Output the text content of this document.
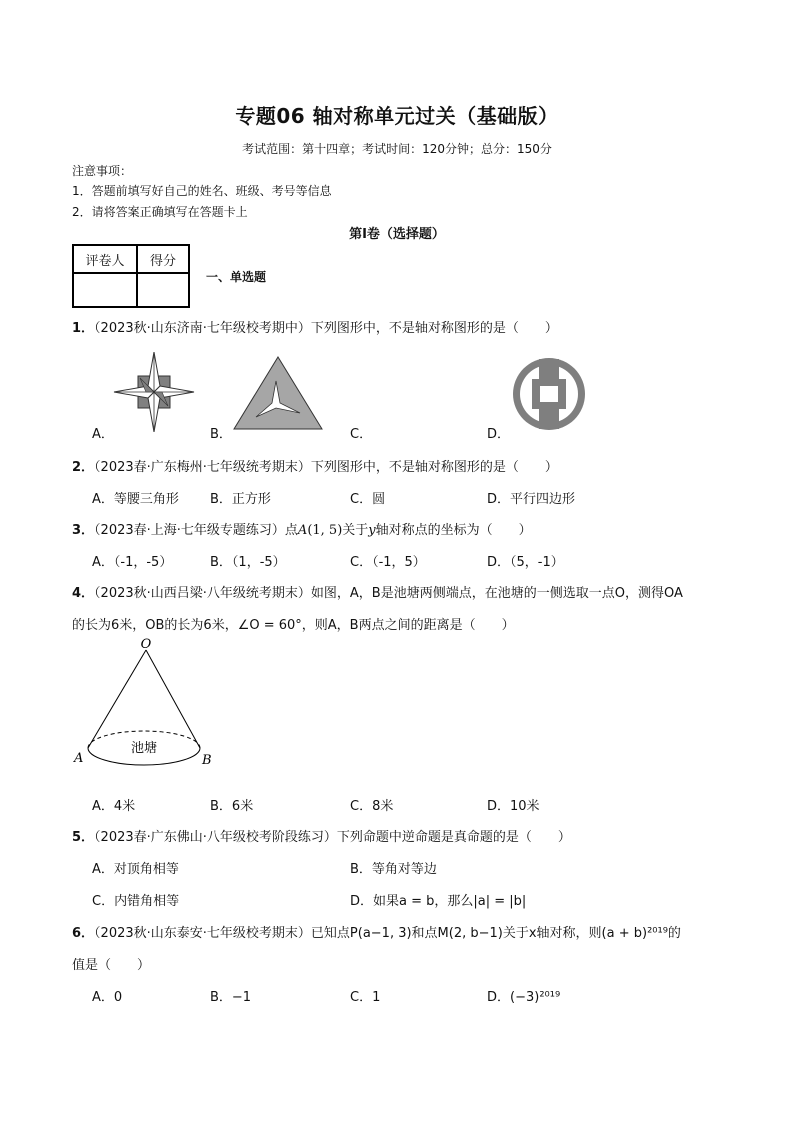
专题06 轴对称单元过关（基础版）
考试范围：第十四章；考试时间：120分钟；总分：150分
注意事项：
1．答题前填写好自己的姓名、班级、考号等信息
2．请将答案正确填写在答题卡上
第I卷（选择题）
评卷人	得分

一、单选题
1．（2023秋·山东济南·七年级校考期中）下列图形中，不是轴对称图形的是（　　）
A．	B．	C．	D．
2．（2023春·广东梅州·七年级统考期末）下列图形中，不是轴对称图形的是（　　）
A．等腰三角形 B．正方形	C．圆	D．平行四边形
3．（2023春·上海·七年级专题练习）点A(1, 5)关于y轴对称点的坐标为（　　）
A．（-1，-5）	B．（1，-5）	C．（-1，5）	D．（5，-1）
4．（2023秋·山西吕梁·八年级统考期末）如图，A，B是池塘两侧端点，在池塘的一侧选取一点O，测得OA
的长为6米，OB的长为6米，∠O = 60°，则A，B两点之间的距离是（　　）
O
A	B
池塘
A．4米	B．6米	C．8米	D．10米
5．（2023春·广东佛山·八年级校考阶段练习）下列命题中逆命题是真命题的是（　　）
A．对顶角相等	B．等角对等边
C．内错角相等	D．如果a = b，那么|a| = |b|
6．（2023秋·山东泰安·七年级校考期末）已知点P(a−1, 3)和点M(2, b−1)关于x轴对称，则(a + b)²⁰¹⁹的
值是（　　）
A．0	B．−1	C．1	D．(−3)²⁰¹⁹
